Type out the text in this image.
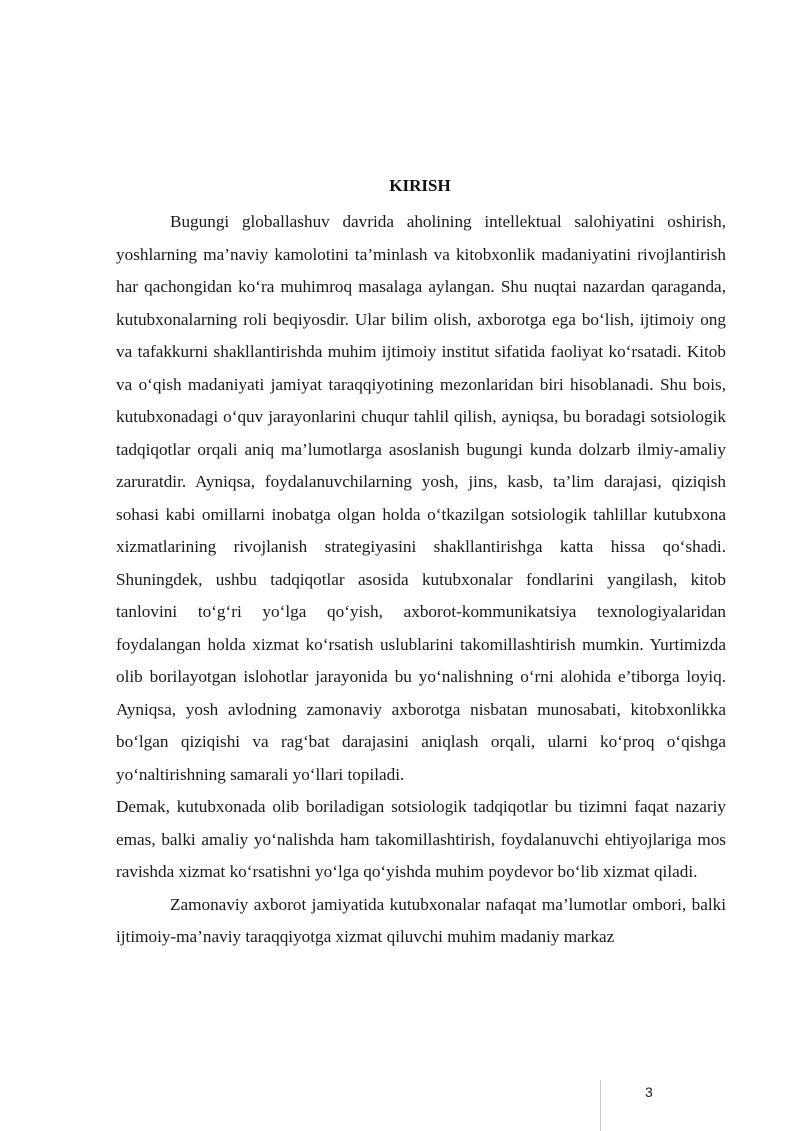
KIRISH

Bugungi globallashuv davrida aholining intellektual salohiyatini oshirish, yoshlarning ma’naviy kamolotini ta’minlash va kitobxonlik madaniyatini rivojlantirish har qachongidan ko‘ra muhimroq masalaga aylangan. Shu nuqtai nazardan qaraganda, kutubxonalarning roli beqiyosdir. Ular bilim olish, axborotga ega bo‘lish, ijtimoiy ong va tafakkurni shakllantirishda muhim ijtimoiy institut sifatida faoliyat ko‘rsatadi. Kitob va o‘qish madaniyati jamiyat taraqqiyotining mezonlaridan biri hisoblanadi. Shu bois, kutubxonadagi o‘quv jarayonlarini chuqur tahlil qilish, ayniqsa, bu boradagi sotsiologik tadqiqotlar orqali aniq ma’lumotlarga asoslanish bugungi kunda dolzarb ilmiy-amaliy zaruratdir. Ayniqsa, foydalanuvchilarning yosh, jins, kasb, ta’lim darajasi, qiziqish sohasi kabi omillarni inobatga olgan holda o‘tkazilgan sotsiologik tahlillar kutubxona xizmatlarining rivojlanish strategiyasini shakllantirishga katta hissa qo‘shadi. Shuningdek, ushbu tadqiqotlar asosida kutubxonalar fondlarini yangilash, kitob tanlovini to‘g‘ri yo‘lga qo‘yish, axborot-kommunikatsiya texnologiyalaridan foydalangan holda xizmat ko‘rsatish uslublarini takomillashtirish mumkin. Yurtimizda olib borilayotgan islohotlar jarayonida bu yo‘nalishning o‘rni alohida e’tiborga loyiq. Ayniqsa, yosh avlodning zamonaviy axborotga nisbatan munosabati, kitobxonlikka bo‘lgan qiziqishi va rag‘bat darajasini aniqlash orqali, ularni ko‘proq o‘qishga yo‘naltirishning samarali yo‘llari topiladi.

Demak, kutubxonada olib boriladigan sotsiologik tadqiqotlar bu tizimni faqat nazariy emas, balki amaliy yo‘nalishda ham takomillashtirish, foydalanuvchi ehtiyojlariga mos ravishda xizmat ko‘rsatishni yo‘lga qo‘yishda muhim poydevor bo‘lib xizmat qiladi.

Zamonaviy axborot jamiyatida kutubxonalar nafaqat ma’lumotlar ombori, balki ijtimoiy-ma’naviy taraqqiyotga xizmat qiluvchi muhim madaniy markaz

3
